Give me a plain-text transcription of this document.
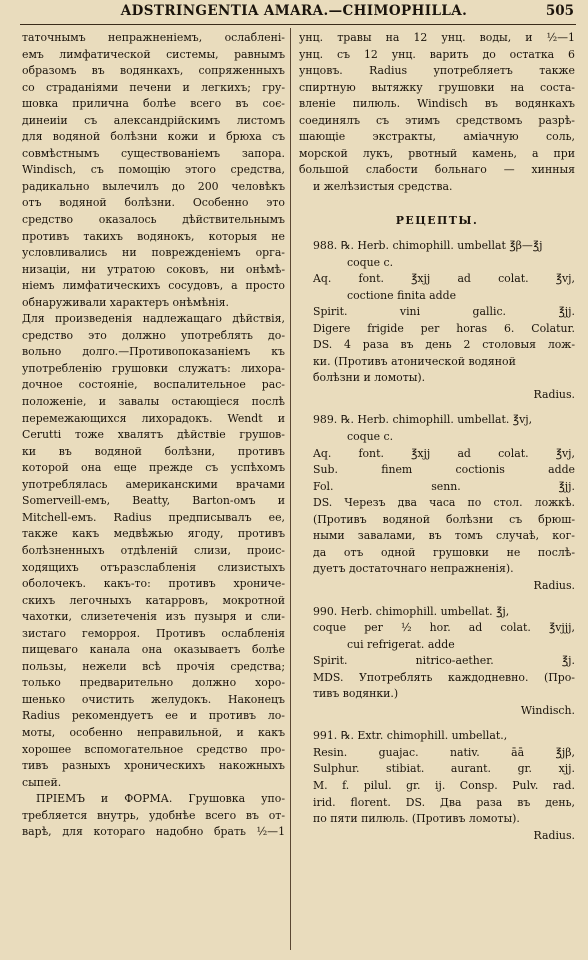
ADSTRINGENTIA AMARA.—CHIMOPHILLA.	505
таточнымъ непражненiемъ, ослабленi-
емъ лимфатической системы, равнымъ
образомъ въ водянкахъ, сопряженныхъ
со страданiями печени и легкихъ; гру-
шовка прилична болѣе всего въ соє-
динеиiи съ александрiйскимъ листомъ
для водяной болѣзни кожи и брюха съ
совмѣстнымъ существованiемъ запора.
Windisch, съ помощiю этого средства,
радикально вылечилъ до 200 человѣкъ
отъ водяной болѣзни. Особенно это
средство оказалось дѣйствительнымъ
противъ такихъ водянокъ, которыя не
условливались ни поврежденiемъ орга-
низацiи, ни утратою соковъ, ни онѣмѣ-
нiемъ лимфатическихъ сосудовъ, а просто
обнаруживали характеръ онѣмѣнiя.
Для произведенiя надлежащаго дѣйствiя,
средство это должно употреблять до-
вольно долго.—Противопоказанiемъ къ
употребленiю грушовки служатъ: лихора-
дочное состоянiе, воспалительное рас-
положенiе, и завалы остающiеся послѣ
перемежающихся лихорадокъ. Wendt и
Cerutti тоже хвалятъ дѣйствiе грушов-
ки въ водяной болѣзни, противъ
которой она еще прежде съ успѣхомъ
употреблялась американскими врачами
Somervеill-емъ, Beatty, Barton-омъ и
Mitchell-емъ. Radius предписывалъ ее,
также какъ медвѣжью ягоду, противъ
болѣзненныхъ отдѣленiй слизи, проис-
ходящихъ отъразслабленiя слизистыхъ
оболочекъ. какъ-то: противъ хрониче-
скихъ легочныхъ катарровъ, мокротной
чахотки, слизетеченiя изъ пузыря и сли-
зистаго геморроя. Противъ ослабленiя
пищеваго канала она оказываетъ болѣе
пользы, нежели всѣ прочiя средства;
только предварительно должно хоро-
шенько очистить желудокъ. Наконецъ
Radius рекомендуетъ ее и противъ ло-
моты, особенно неправильной, и какъ
хорошее вспомогательное средство про-
тивъ разныхъ хроническихъ накожныхъ
сыпей.
ПРIЕМЪ и ФОРМА. Грушовка упо-
требляется внутрь, удобнѣе всего въ от-
варѣ, для котораго надобно брать ½—1
унц. травы на 12 унц. воды, и ½—1
унц. съ 12 унц. варить до остатка 6
унцовъ. Radius употребляетъ также
спиртную вытяжку грушовки на соста-
вленiе пилюль. Windisch въ водянкахъ
соединялъ съ этимъ средствомъ разрѣ-
шающiе экстракты, амiачную соль,
морской лукъ, рвотный камень, а при
большой слабости больнаго — хинныя
и желѣзистыя средства.
РЕЦЕПТЫ.
988. ℞. Herb. chimophill. umbellat ℥β—℥j
coque c.
Aq. font. ℥xjj ad colat. ℥vj,
coctione finita adde
Spirit. vini gallic. ℥jj.
Digere frigide per horas 6. Colatur.
DS. 4 раза въ день 2 столовыя лож-
ки. (Противъ атонической водяной
болѣзни и ломоты).
Radius.
989. ℞. Herb. chimophill. umbellat. ℥vj,
coque c.
Aq. font. ℥xjj ad colat. ℥vj,
Sub. finem coctionis adde
Fol. senn. ℥jj.
DS. Черезъ два часа по стол. ложкѣ.
(Противъ водяной болѣзни съ брюш-
ными завалами, въ томъ случаѣ, ког-
да отъ одной грушовки не послѣ-
дуетъ достаточнаго непражненiя).
Radius.
990. Herb. chimophill. umbellat. ℥j,
coque per ½ hor. ad colat. ℥vjjj,
cui refrigerat. adde
Spirit. nitrico-aether. ℥j.
MDS. Употреблять каждодневно. (Про-
тивъ водянки.)
Windisch.
991. ℞. Extr. chimophill. umbellat.,
Resin. guajac. nativ. āā ℥jβ,
Sulphur. stibiat. aurant. gr. xjj.
M. f. pilul. gr. ij. Consp. Pulv. rad.
irid. florent. DS. Два раза въ день,
по пяти пилюль. (Противъ ломоты).
Radius.
